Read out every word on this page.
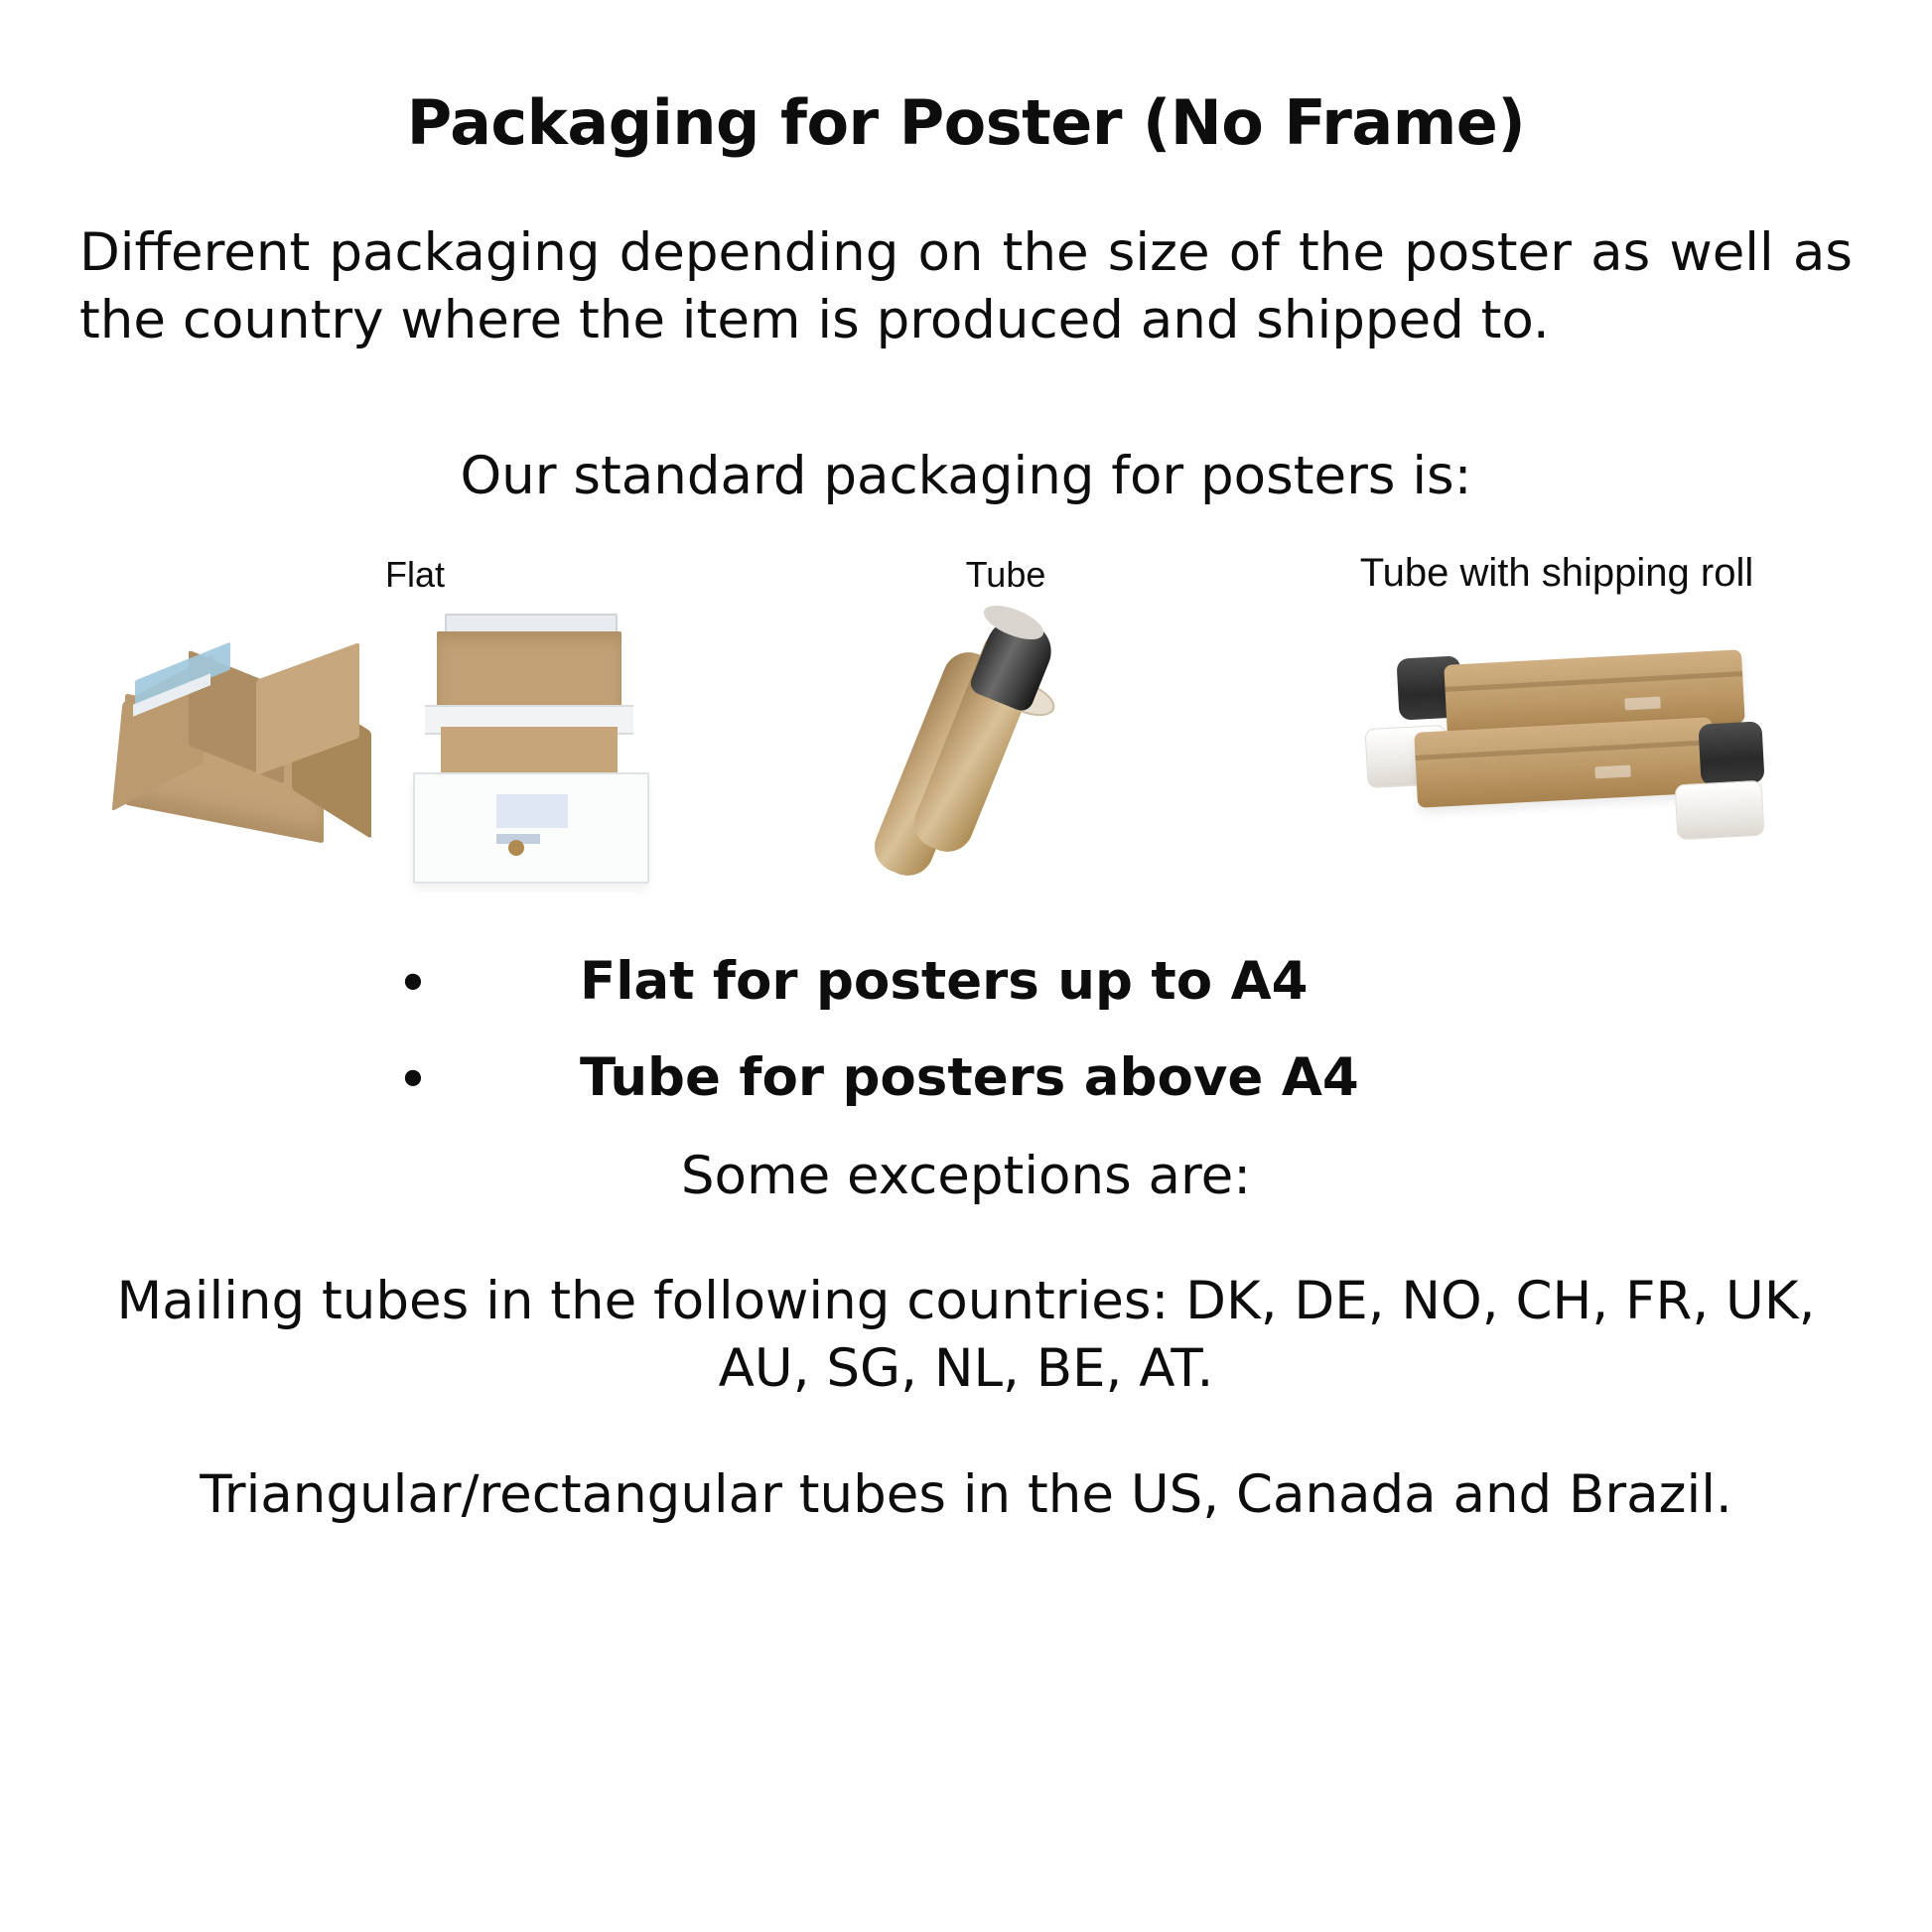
Packaging for Poster (No Frame)

Different packaging depending on the size of the poster as well as the country where the item is produced and shipped to.

Our standard packaging for posters is:

Flat	Tube	Tube with shipping roll
•	Flat for posters up to A4
•	Tube for posters above A4

Some exceptions are:

Mailing tubes in the following countries: DK, DE, NO, CH, FR, UK, AU, SG, NL, BE, AT.

Triangular/rectangular tubes in the US, Canada and Brazil.
